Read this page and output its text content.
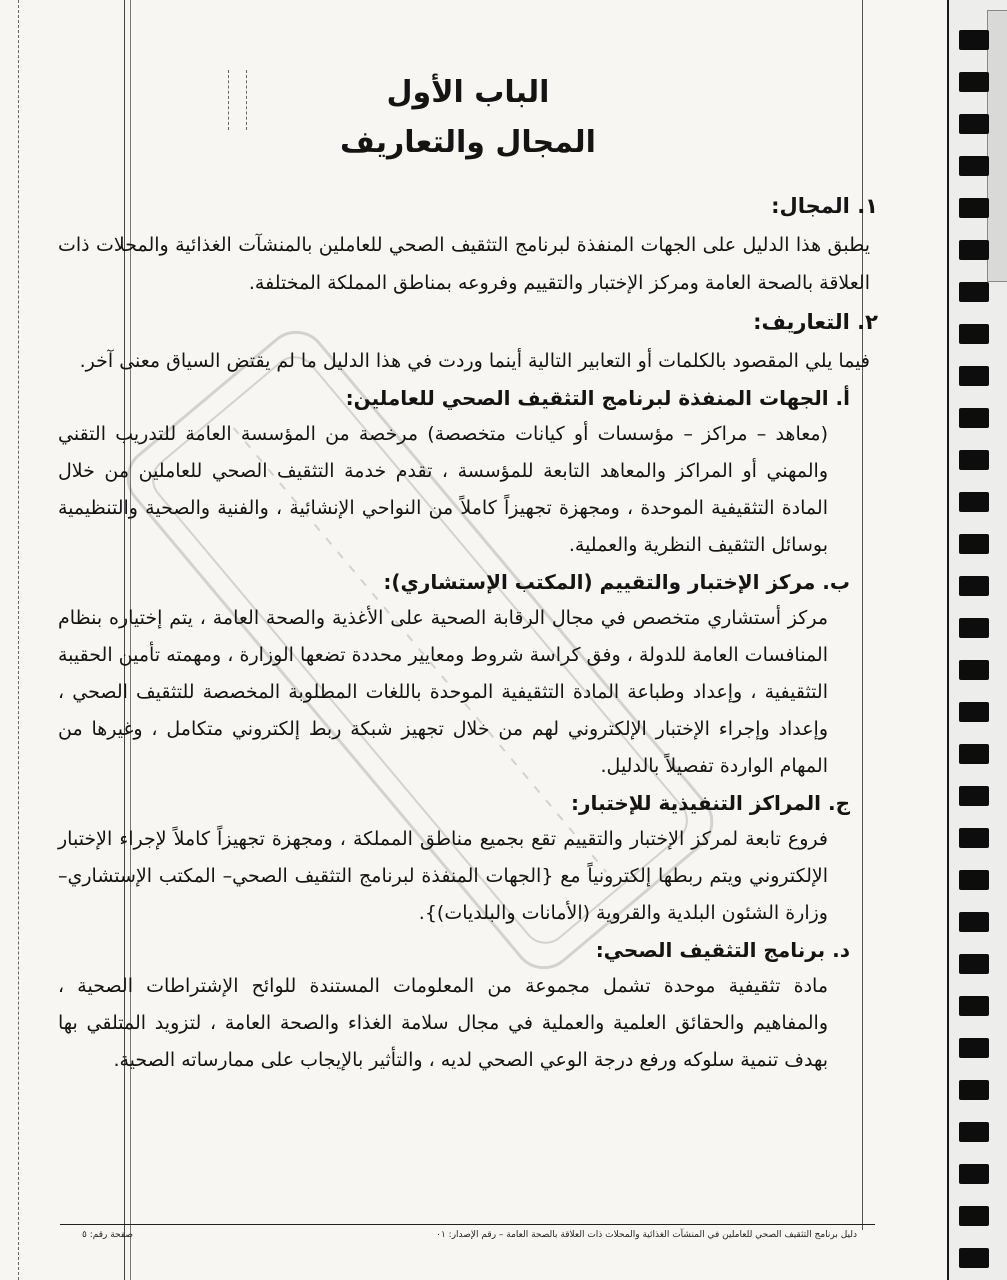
الباب الأول
المجال والتعاريف

١. المجال:

يطبق هذا الدليل على الجهات المنفذة لبرنامج التثقيف الصحي للعاملين بالمنشآت الغذائية والمحلات ذات العلاقة بالصحة العامة ومركز الإختبار والتقييم وفروعه بمناطق المملكة المختلفة.

٢. التعاريف:

فيما يلي المقصود بالكلمات أو التعابير التالية أينما وردت في هذا الدليل ما لم يقتض السياق معنى آخر.

أ. الجهات المنفذة لبرنامج التثقيف الصحي للعاملين:

(معاهد – مراكز – مؤسسات أو كيانات متخصصة) مرخصة من المؤسسة العامة للتدريب التقني والمهني أو المراكز والمعاهد التابعة للمؤسسة ، تقدم خدمة التثقيف الصحي للعاملين من خلال المادة التثقيفية الموحدة ، ومجهزة تجهيزاً كاملاً من النواحي الإنشائية ، والفنية والصحية والتنظيمية بوسائل التثقيف النظرية والعملية.

ب. مركز الإختبار والتقييم (المكتب الإستشاري):

مركز أستشاري متخصص في مجال الرقابة الصحية على الأغذية والصحة العامة ، يتم إختياره بنظام المنافسات العامة للدولة ، وفق كراسة شروط ومعايير محددة تضعها الوزارة ، ومهمته تأمين الحقيبة التثقيفية ، وإعداد وطباعة المادة التثقيفية الموحدة باللغات المطلوبة المخصصة للتثقيف الصحي ، وإعداد وإجراء الإختبار الإلكتروني لهم من خلال تجهيز شبكة ربط إلكتروني متكامل ، وغيرها من المهام الواردة تفصيلاً بالدليل.

ج. المراكز التنفيذية للإختبار:

فروع تابعة لمركز الإختبار والتقييم تقع بجميع مناطق المملكة ، ومجهزة تجهيزاً كاملاً لإجراء الإختبار الإلكتروني ويتم ربطها إلكترونياً مع {الجهات المنفذة لبرنامج التثقيف الصحي– المكتب الإستشاري– وزارة الشئون البلدية والقروية (الأمانات والبلديات)}.

د. برنامج التثقيف الصحي:

مادة تثقيفية موحدة تشمل مجموعة من المعلومات المستندة للوائح الإشتراطات الصحية ، والمفاهيم والحقائق العلمية والعملية في مجال سلامة الغذاء والصحة العامة ، لتزويد المتلقي بها بهدف تنمية سلوكه ورفع درجة الوعي الصحي لديه ، والتأثير بالإيجاب على ممارساته الصحية.

دليل برنامج التثقيف الصحي للعاملين في المنشآت الغذائية والمحلات ذات العلاقة بالصحة العامة – رقم الإصدار: ٠١
صفحة رقم: ٥
